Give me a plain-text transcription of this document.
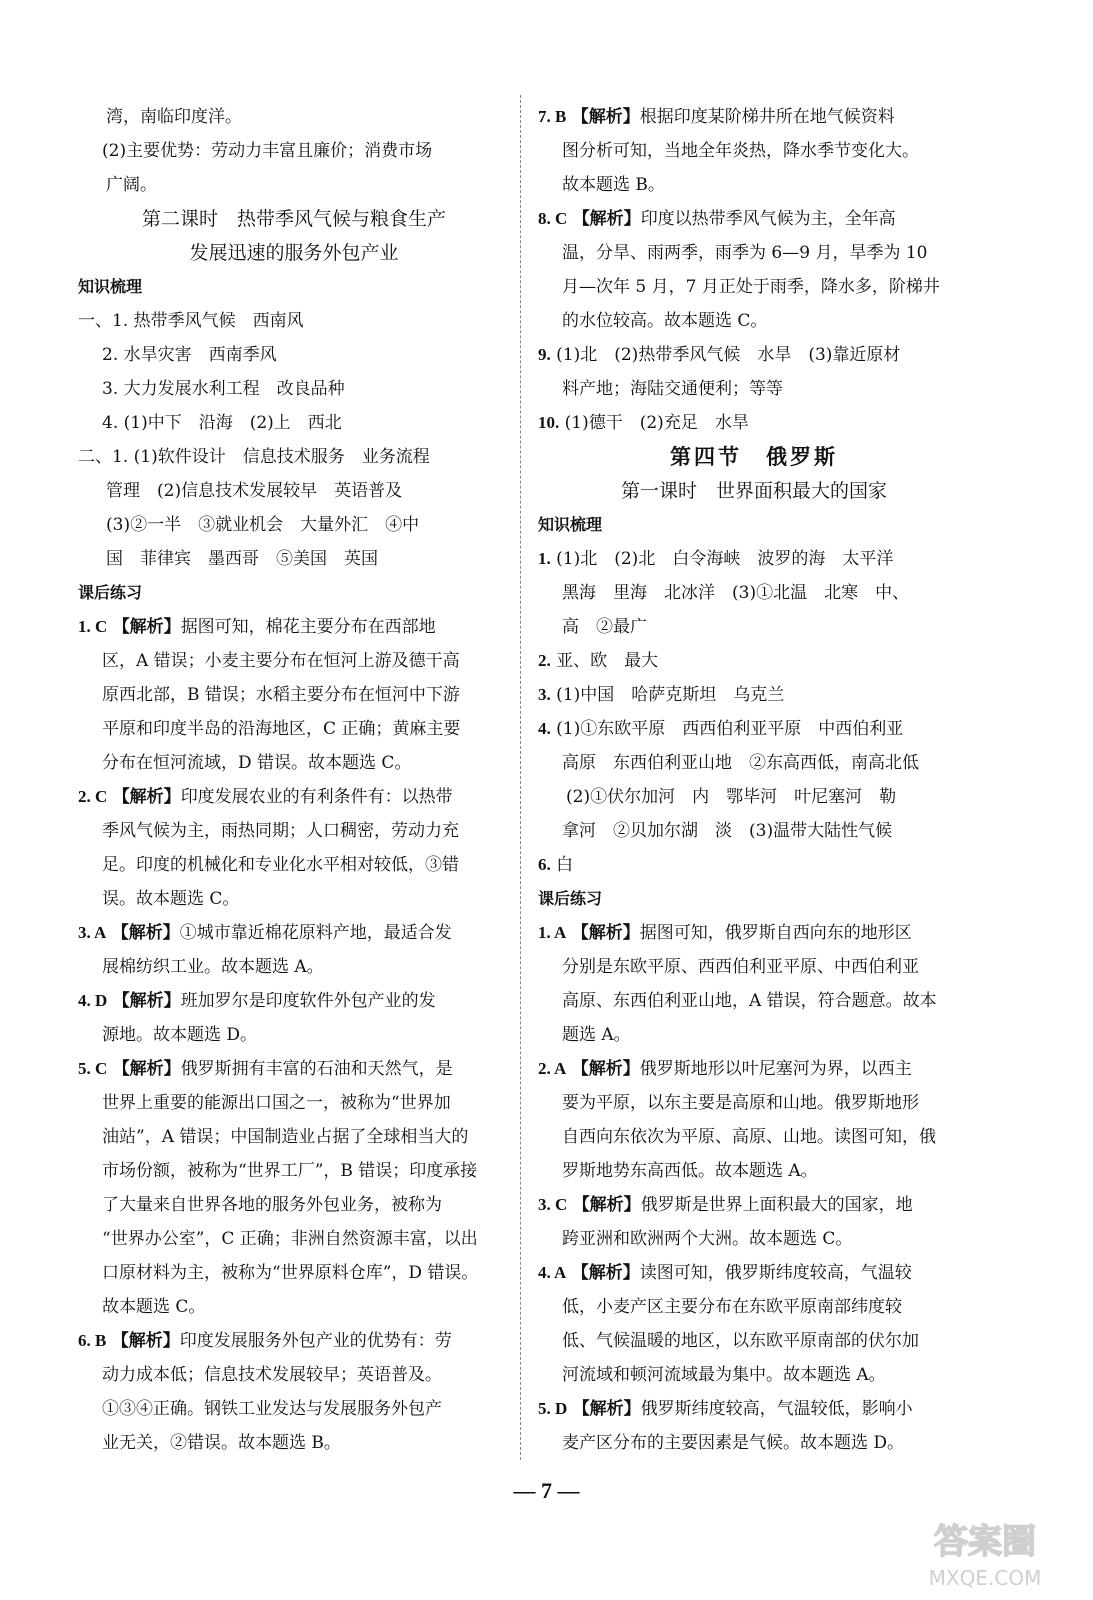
湾，南临印度洋。
(2)主要优势：劳动力丰富且廉价；消费市场
广阔。
第二课时　热带季风气候与粮食生产
发展迅速的服务外包产业
知识梳理
一、1. 热带季风气候　西南风
2. 水旱灾害　西南季风
3. 大力发展水利工程　改良品种
4. (1)中下　沿海　(2)上　西北
二、1. (1)软件设计　信息技术服务　业务流程
管理　(2)信息技术发展较早　英语普及
(3)②一半　③就业机会　大量外汇　④中
国　菲律宾　墨西哥　⑤美国　英国
课后练习
1. C 【解析】据图可知，棉花主要分布在西部地
区，A 错误；小麦主要分布在恒河上游及德干高
原西北部，B 错误；水稻主要分布在恒河中下游
平原和印度半岛的沿海地区，C 正确；黄麻主要
分布在恒河流域，D 错误。故本题选 C。
2. C 【解析】印度发展农业的有利条件有：以热带
季风气候为主，雨热同期；人口稠密，劳动力充
足。印度的机械化和专业化水平相对较低，③错
误。故本题选 C。
3. A 【解析】①城市靠近棉花原料产地，最适合发
展棉纺织工业。故本题选 A。
4. D 【解析】班加罗尔是印度软件外包产业的发
源地。故本题选 D。
5. C 【解析】俄罗斯拥有丰富的石油和天然气，是
世界上重要的能源出口国之一，被称为“世界加
油站”，A 错误；中国制造业占据了全球相当大的
市场份额，被称为“世界工厂”，B 错误；印度承接
了大量来自世界各地的服务外包业务，被称为
“世界办公室”，C 正确；非洲自然资源丰富，以出
口原材料为主，被称为“世界原料仓库”，D 错误。
故本题选 C。
6. B 【解析】印度发展服务外包产业的优势有：劳
动力成本低；信息技术发展较早；英语普及。
①③④正确。钢铁工业发达与发展服务外包产
业无关，②错误。故本题选 B。
7. B 【解析】根据印度某阶梯井所在地气候资料
图分析可知，当地全年炎热，降水季节变化大。
故本题选 B。
8. C 【解析】印度以热带季风气候为主，全年高
温，分旱、雨两季，雨季为 6—9 月，旱季为 10
月—次年 5 月，7 月正处于雨季，降水多，阶梯井
的水位较高。故本题选 C。
9. (1)北　(2)热带季风气候　水旱　(3)靠近原材
料产地；海陆交通便利；等等
10. (1)德干　(2)充足　水旱
第四节　俄罗斯
第一课时　世界面积最大的国家
知识梳理
1. (1)北　(2)北　白令海峡　波罗的海　太平洋
黑海　里海　北冰洋　(3)①北温　北寒　中、
高　②最广
2. 亚、欧　最大
3. (1)中国　哈萨克斯坦　乌克兰
4. (1)①东欧平原　西西伯利亚平原　中西伯利亚
高原　东西伯利亚山地　②东高西低，南高北低
(2)①伏尔加河　内　鄂毕河　叶尼塞河　勒
拿河　②贝加尔湖　淡　(3)温带大陆性气候
6. 白
课后练习
1. A 【解析】据图可知，俄罗斯自西向东的地形区
分别是东欧平原、西西伯利亚平原、中西伯利亚
高原、东西伯利亚山地，A 错误，符合题意。故本
题选 A。
2. A 【解析】俄罗斯地形以叶尼塞河为界，以西主
要为平原，以东主要是高原和山地。俄罗斯地形
自西向东依次为平原、高原、山地。读图可知，俄
罗斯地势东高西低。故本题选 A。
3. C 【解析】俄罗斯是世界上面积最大的国家，地
跨亚洲和欧洲两个大洲。故本题选 C。
4. A 【解析】读图可知，俄罗斯纬度较高，气温较
低，小麦产区主要分布在东欧平原南部纬度较
低、气候温暖的地区，以东欧平原南部的伏尔加
河流域和顿河流域最为集中。故本题选 A。
5. D 【解析】俄罗斯纬度较高，气温较低，影响小
麦产区分布的主要因素是气候。故本题选 D。
— 7 —
答案圈
MXQE.COM
